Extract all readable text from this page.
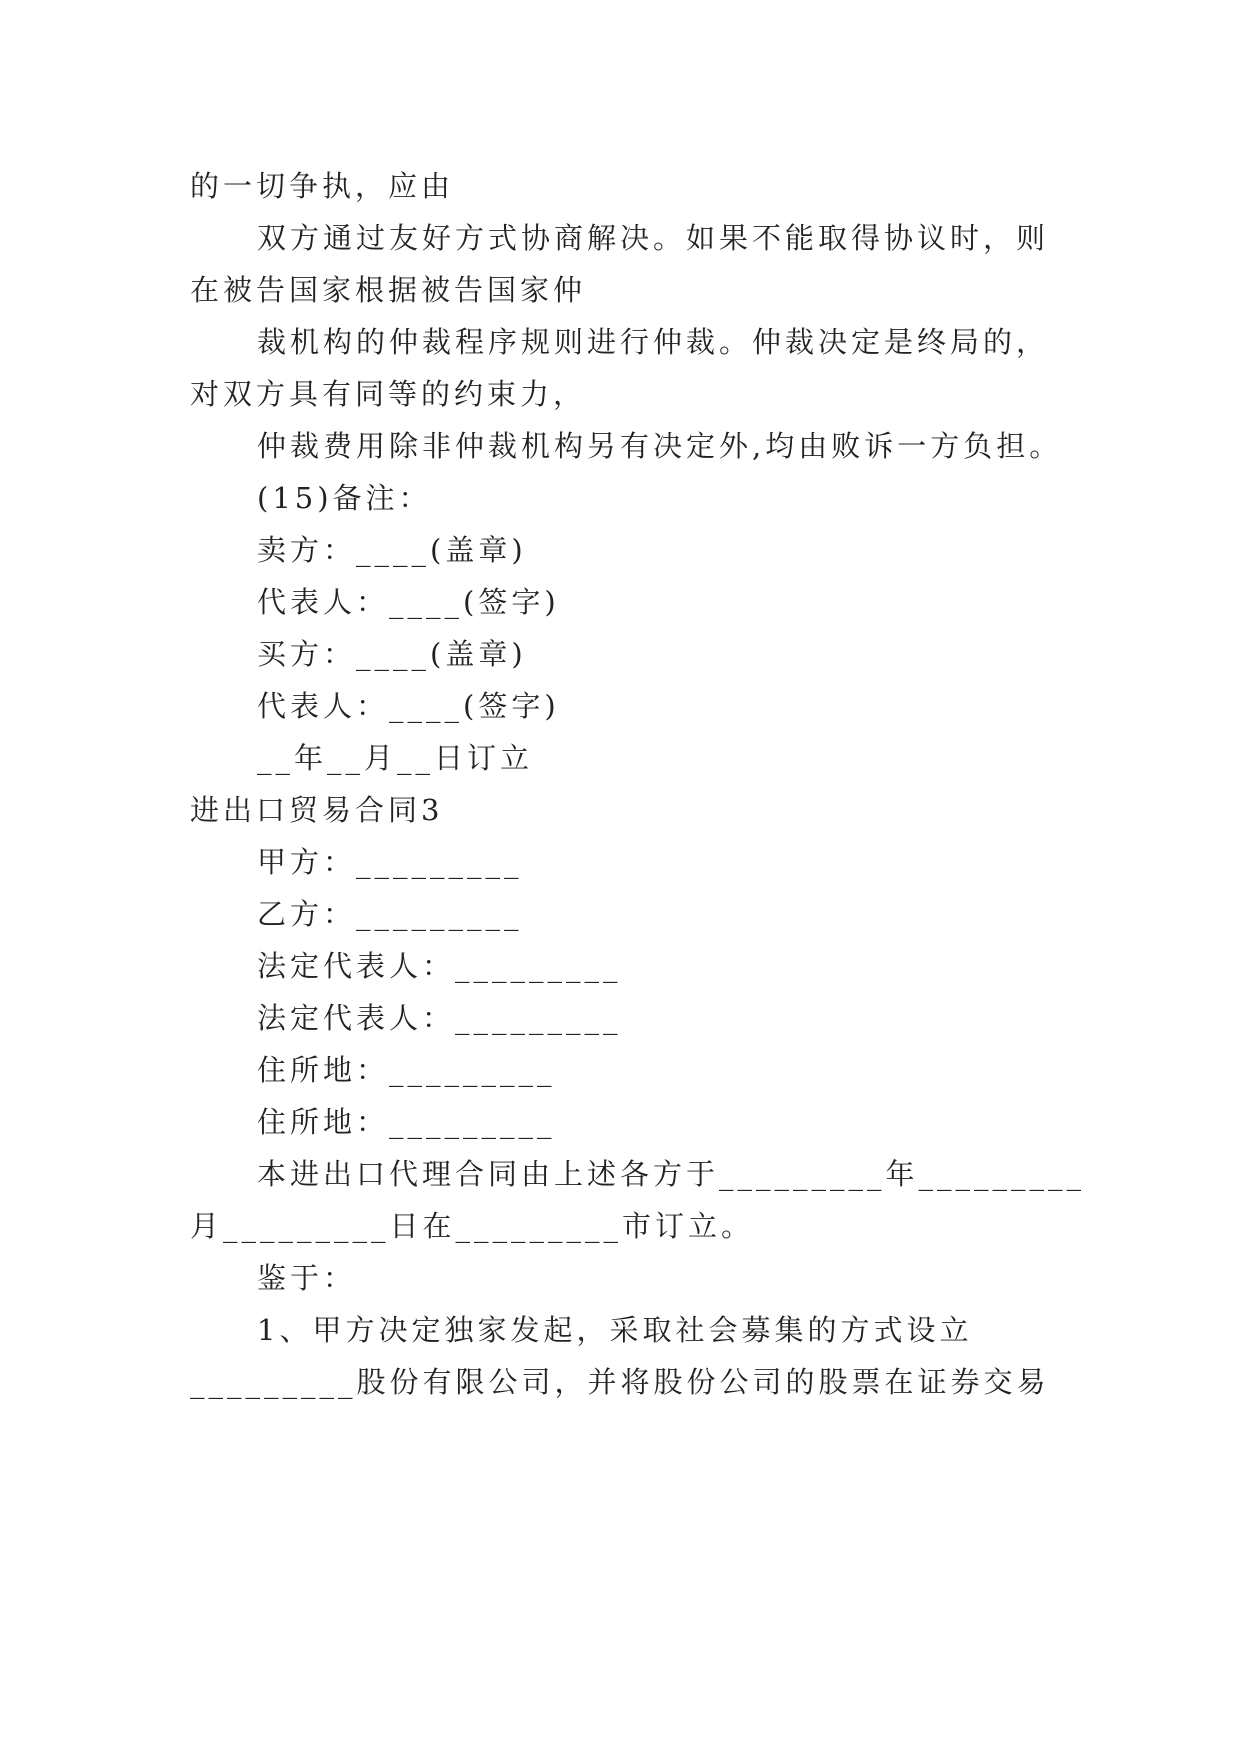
的一切争执，应由
双方通过友好方式协商解决。如果不能取得协议时，则
在被告国家根据被告国家仲
裁机构的仲裁程序规则进行仲裁。仲裁决定是终局的，
对双方具有同等的约束力，
仲裁费用除非仲裁机构另有决定外,均由败诉一方负担。
(15)备注：
卖方：____(盖章)
代表人：____(签字)
买方：____(盖章)
代表人：____(签字)
__年__月__日订立
进出口贸易合同3
甲方：_________
乙方：_________
法定代表人：_________
法定代表人：_________
住所地：_________
住所地：_________
本进出口代理合同由上述各方于_________年_________
月_________日在_________市订立。
鉴于：
1、甲方决定独家发起，采取社会募集的方式设立
_________股份有限公司，并将股份公司的股票在证券交易
